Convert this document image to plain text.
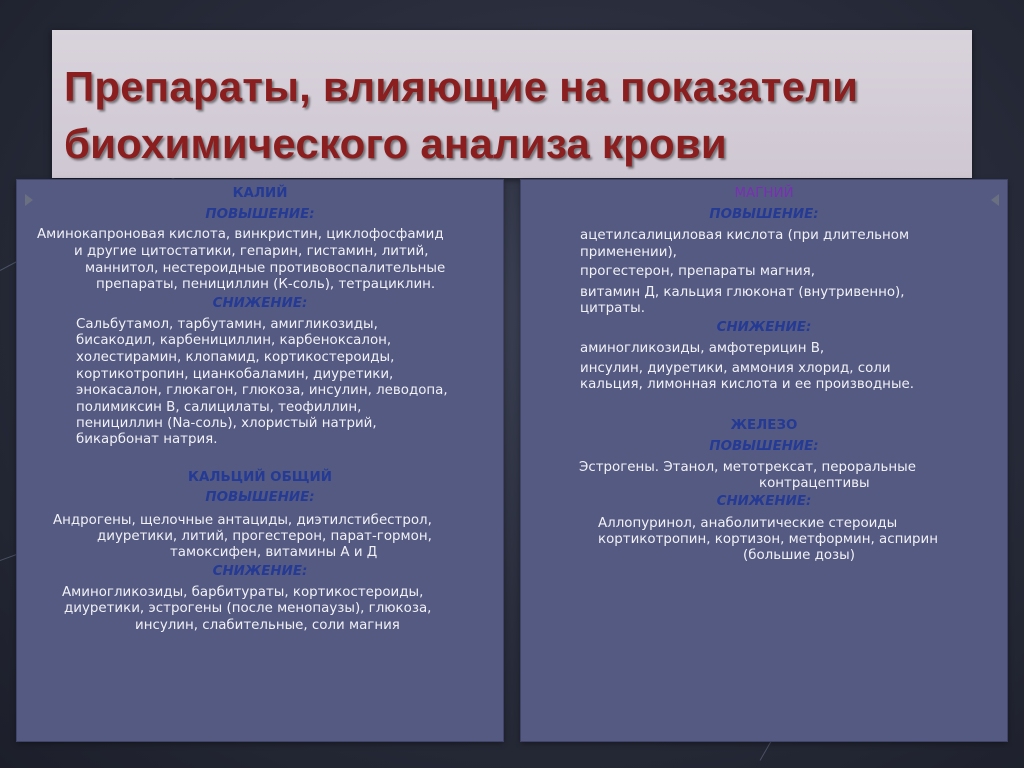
Препараты, влияющие на показатели биохимического анализа крови
КАЛИЙ
ПОВЫШЕНИЕ:
Аминокапроновая кислота, винкристин, циклофосфамид
и другие цитостатики, гепарин, гистамин, литий,
маннитол, нестероидные противовоспалительные
препараты, пенициллин (К-соль), тетрациклин.
СНИЖЕНИЕ:
Сальбутамол, тарбутамин, амигликозиды,
бисакодил, карбенициллин, карбеноксалон,
холестирамин, клопамид, кортикостероиды,
кортикотропин, цианкобаламин, диуретики,
энокасалон, глюкагон, глюкоза, инсулин, леводопа,
полимиксин В, салицилаты, теофиллин,
пенициллин (Na-соль), хлористый натрий,
бикарбонат натрия.
КАЛЬЦИЙ ОБЩИЙ
ПОВЫШЕНИЕ:
Андрогены, щелочные антациды, диэтилстибестрол,
диуретики, литий, прогестерон, парат-гормон,
тамоксифен, витамины А и Д
СНИЖЕНИЕ:
Аминогликозиды, барбитураты, кортикостероиды,
диуретики, эстрогены (после менопаузы), глюкоза,
инсулин, слабительные, соли магния
МАГНИЙ
ПОВЫШЕНИЕ:
ацетилсалициловая кислота (при длительном
применении),
прогестерон, препараты магния,
витамин Д, кальция глюконат (внутривенно),
цитраты.
СНИЖЕНИЕ:
аминогликозиды, амфотерицин В,
инсулин, диуретики, аммония хлорид, соли
кальция, лимонная кислота и ее производные.
ЖЕЛЕЗО
ПОВЫШЕНИЕ:
Эстрогены. Этанол, метотрексат, пероральные
контрацептивы
СНИЖЕНИЕ:
Аллопуринол, анаболитические стероиды
кортикотропин, кортизон, метформин, аспирин
(большие дозы)
